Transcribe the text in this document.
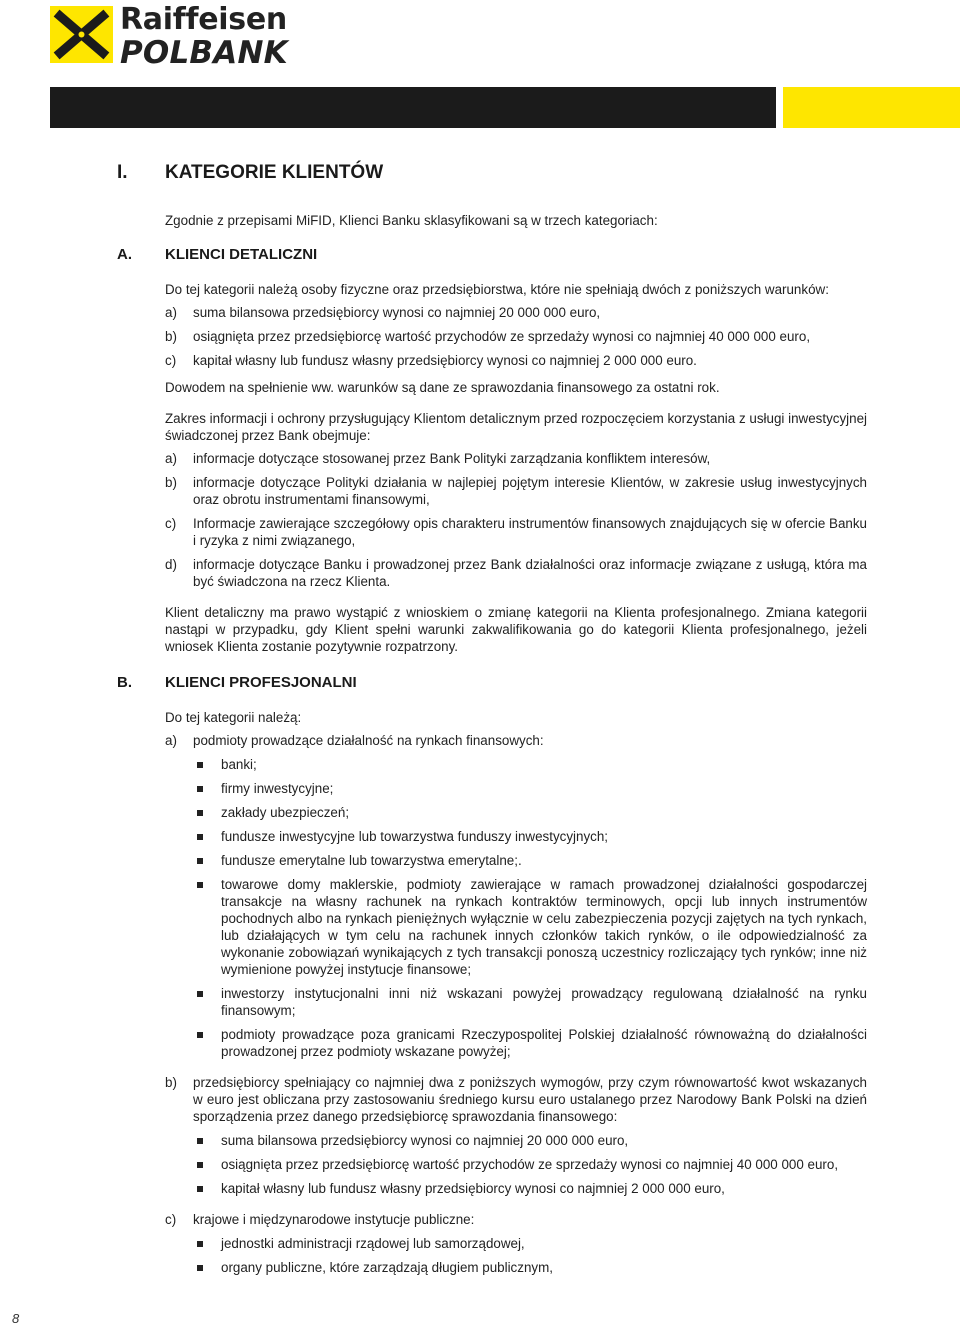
Raiffeisen
POLBANK
I. KATEGORIE KLIENTÓW

Zgodnie z przepisami MiFID, Klienci Banku sklasyfikowani są w trzech kategoriach:

A. KLIENCI DETALICZNI

Do tej kategorii należą osoby fizyczne oraz przedsiębiorstwa, które nie spełniają dwóch z poniższych warunków:

a)	suma bilansowa przedsiębiorcy wynosi co najmniej 20 000 000 euro,
b)	osiągnięta przez przedsiębiorcę wartość przychodów ze sprzedaży wynosi co najmniej 40 000 000 euro,
c)	kapitał własny lub fundusz własny przedsiębiorcy wynosi co najmniej 2 000 000 euro.

Dowodem na spełnienie ww. warunków są dane ze sprawozdania finansowego za ostatni rok.

Zakres informacji i ochrony przysługujący Klientom detalicznym przed rozpoczęciem korzystania z usługi inwestycyjnej świadczonej przez Bank obejmuje:

a)	informacje dotyczące stosowanej przez Bank Polityki zarządzania konfliktem interesów,
b)	informacje dotyczące Polityki działania w najlepiej pojętym interesie Klientów, w zakresie usług inwestycyjnych oraz obrotu instrumentami finansowymi,
c)	Informacje zawierające szczegółowy opis charakteru instrumentów finansowych znajdujących się w ofercie Banku i ryzyka z nimi związanego,
d)	informacje dotyczące Banku i prowadzonej przez Bank działalności oraz informacje związane z usługą, która ma być świadczona na rzecz Klienta.

Klient detaliczny ma prawo wystąpić z wnioskiem o zmianę kategorii na Klienta profesjonalnego. Zmiana kategorii nastąpi w przypadku, gdy Klient spełni warunki zakwalifikowania go do kategorii Klienta profesjonalnego, jeżeli wniosek Klienta zostanie pozytywnie rozpatrzony.

B. KLIENCI PROFESJONALNI

Do tej kategorii należą:

a)	podmioty prowadzące działalność na rynkach finansowych:
banki;
firmy inwestycyjne;
zakłady ubezpieczeń;
fundusze inwestycyjne lub towarzystwa funduszy inwestycyjnych;
fundusze emerytalne lub towarzystwa emerytalne;.
towarowe domy maklerskie, podmioty zawierające w ramach prowadzonej działalności gospodarczej transakcje na własny rachunek na rynkach kontraktów terminowych, opcji lub innych instrumentów pochodnych albo na rynkach pieniężnych wyłącznie w celu zabezpieczenia pozycji zajętych na tych rynkach, lub działających w tym celu na rachunek innych członków takich rynków, o ile odpowiedzialność za wykonanie zobowiązań wynikających z tych transakcji ponoszą uczestnicy rozliczający tych rynków; inne niż wymienione powyżej instytucje finansowe;
inwestorzy instytucjonalni inni niż wskazani powyżej prowadzący regulowaną działalność na rynku finansowym;
podmioty prowadzące poza granicami Rzeczypospolitej Polskiej działalność równoważną do działalności prowadzonej przez podmioty wskazane powyżej;
b)	przedsiębiorcy spełniający co najmniej dwa z poniższych wymogów, przy czym równowartość kwot wskazanych w euro jest obliczana przy zastosowaniu średniego kursu euro ustalanego przez Narodowy Bank Polski na dzień sporządzenia przez danego przedsiębiorcę sprawozdania finansowego:
suma bilansowa przedsiębiorcy wynosi co najmniej 20 000 000 euro,
osiągnięta przez przedsiębiorcę wartość przychodów ze sprzedaży wynosi co najmniej 40 000 000 euro,
kapitał własny lub fundusz własny przedsiębiorcy wynosi co najmniej 2 000 000 euro,
c)	krajowe i międzynarodowe instytucje publiczne:
jednostki administracji rządowej lub samorządowej,
organy publiczne, które zarządzają długiem publicznym,
8
